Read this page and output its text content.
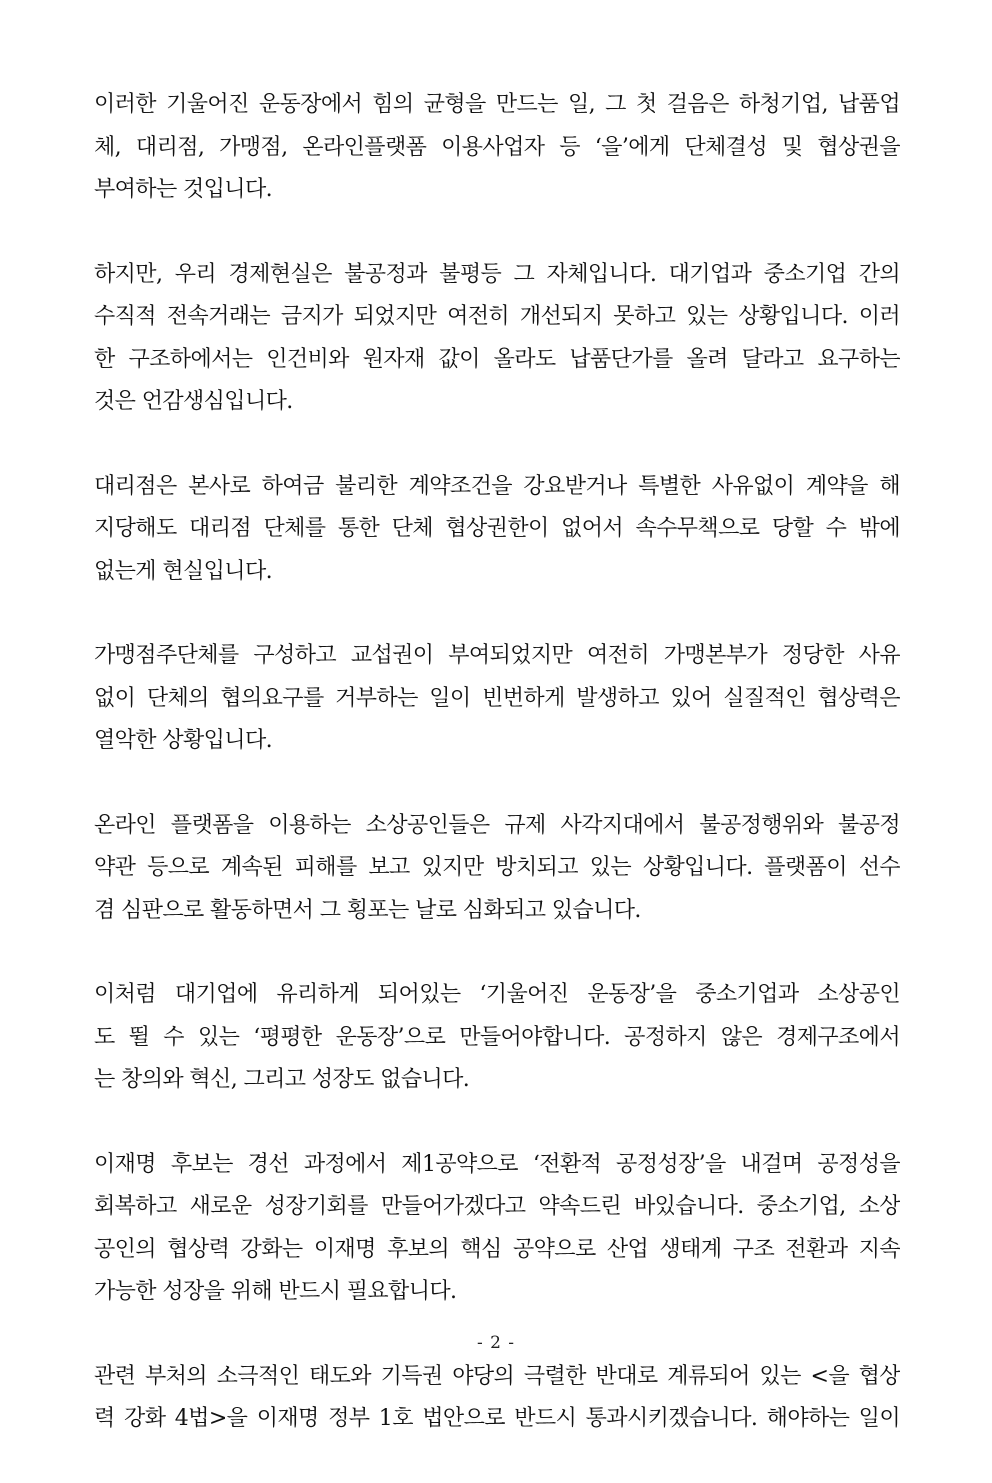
이러한 기울어진 운동장에서 힘의 균형을 만드는 일, 그 첫 걸음은 하청기업, 납품업
체, 대리점, 가맹점, 온라인플랫폼 이용사업자 등 ‘을’에게 단체결성 및 협상권을
부여하는 것입니다.

하지만, 우리 경제현실은 불공정과 불평등 그 자체입니다. 대기업과 중소기업 간의
수직적 전속거래는 금지가 되었지만 여전히 개선되지 못하고 있는 상황입니다. 이러
한 구조하에서는 인건비와 원자재 값이 올라도 납품단가를 올려 달라고 요구하는
것은 언감생심입니다.

대리점은 본사로 하여금 불리한 계약조건을 강요받거나 특별한 사유없이 계약을 해
지당해도 대리점 단체를 통한 단체 협상권한이 없어서 속수무책으로 당할 수 밖에
없는게 현실입니다.

가맹점주단체를 구성하고 교섭권이 부여되었지만 여전히 가맹본부가 정당한 사유
없이 단체의 협의요구를 거부하는 일이 빈번하게 발생하고 있어 실질적인 협상력은
열악한 상황입니다.

온라인 플랫폼을 이용하는 소상공인들은 규제 사각지대에서 불공정행위와 불공정
약관 등으로 계속된 피해를 보고 있지만 방치되고 있는 상황입니다. 플랫폼이 선수
겸 심판으로 활동하면서 그 횡포는 날로 심화되고 있습니다.

이처럼 대기업에 유리하게 되어있는 ‘기울어진 운동장’을 중소기업과 소상공인
도 뛸 수 있는 ‘평평한 운동장’으로 만들어야합니다. 공정하지 않은 경제구조에서
는 창의와 혁신, 그리고 성장도 없습니다.

이재명 후보는 경선 과정에서 제1공약으로 ‘전환적 공정성장’을 내걸며 공정성을
회복하고 새로운 성장기회를 만들어가겠다고 약속드린 바있습니다. 중소기업, 소상
공인의 협상력 강화는 이재명 후보의 핵심 공약으로 산업 생태계 구조 전환과 지속
가능한 성장을 위해 반드시 필요합니다.

관련 부처의 소극적인 태도와 기득권 야당의 극렬한 반대로 계류되어 있는 <을 협상
력 강화 4법>을 이재명 정부 1호 법안으로 반드시 통과시키겠습니다. 해야하는 일이

- 2 -
